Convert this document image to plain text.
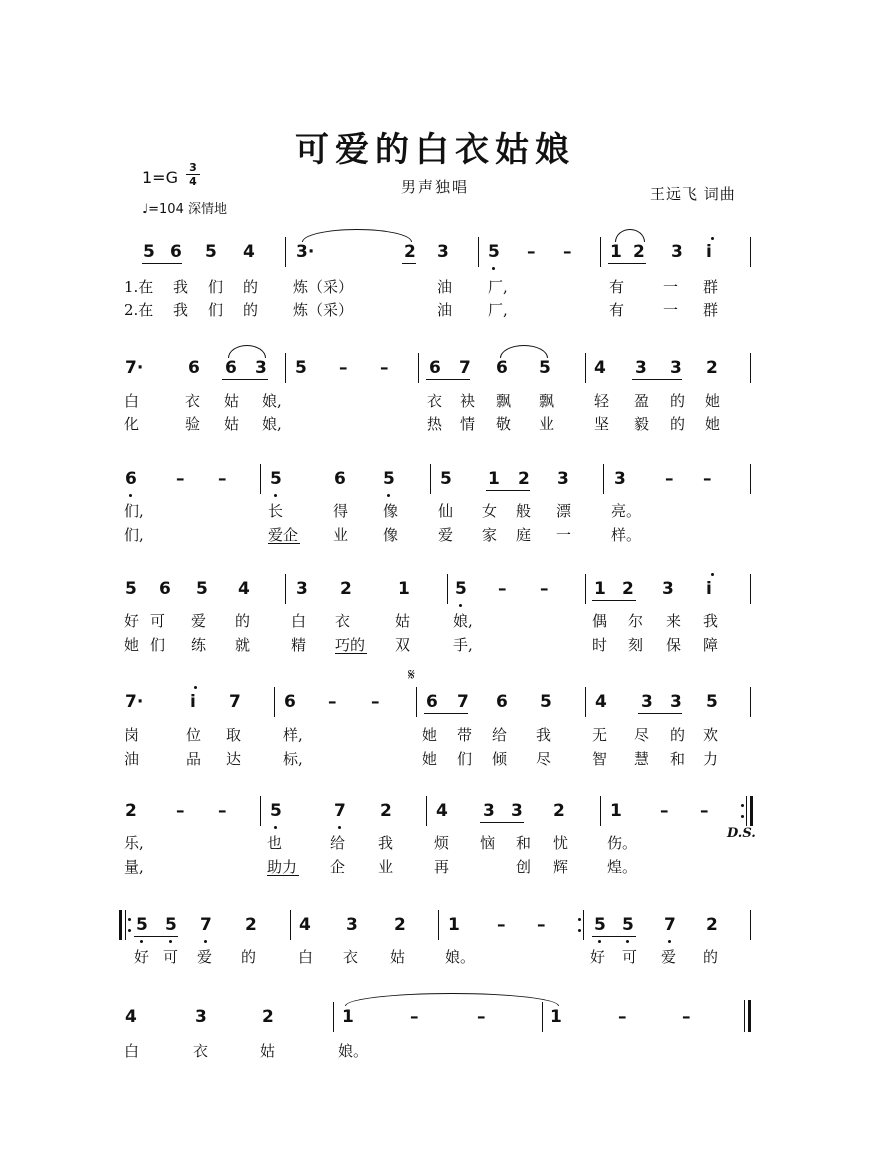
可爱的白衣姑娘
男声独唱	王远飞 词曲
1=G
3
4
♩=104 深情地
5 6 5 4 3·	2 3 5 – – 1 2 3 i
1.在 我 们 的 炼（采）	油 厂,	有	一 群
2.在 我 们 的 炼（采）	油 厂,	有	一 群
7·	6 6 3 5 – – 6 7 6 5	4 3 3 2
白	衣 姑 娘,	衣 袂 飘 飘	轻 盈 的 她
化	验 姑 娘,	热 情 敬 业	坚 毅 的 她
6 – –	5	6 5	5 1 2 3	3 – –
们,	长	得 像	仙 女 般 漂	亮。
们,	爱企 业 像	爱 家 庭 一	样。
5 6 5 4	3 2	1	5 – –	1 2 3 i
好 可 爱 的	白 衣	姑	娘,	偶 尔 来 我
她 们 练 就	精 巧的 双	手,	时 刻 保 障
𝄋
7·	i 7	6 – –	6 7 6 5	4 3 3 5
岗	位 取	样,	她 带 给 我	无 尽 的 欢
油	品 达	标,	她 们 倾 尽	智 慧 和 力
2 – –	5	7 2	4 3 3 2	1 – –
D.S.
乐,	也	给 我	烦 恼 和 忧	伤。
量,	助力 企 业	再	创 辉	煌。
5 5 7 2 4 3 2 1 – –	5 5 7 2
好 可 爱 的	白 衣 姑	娘。	好 可 爱 的
4	3	2	1	–	–	1	–	–
白	衣	姑	娘。
